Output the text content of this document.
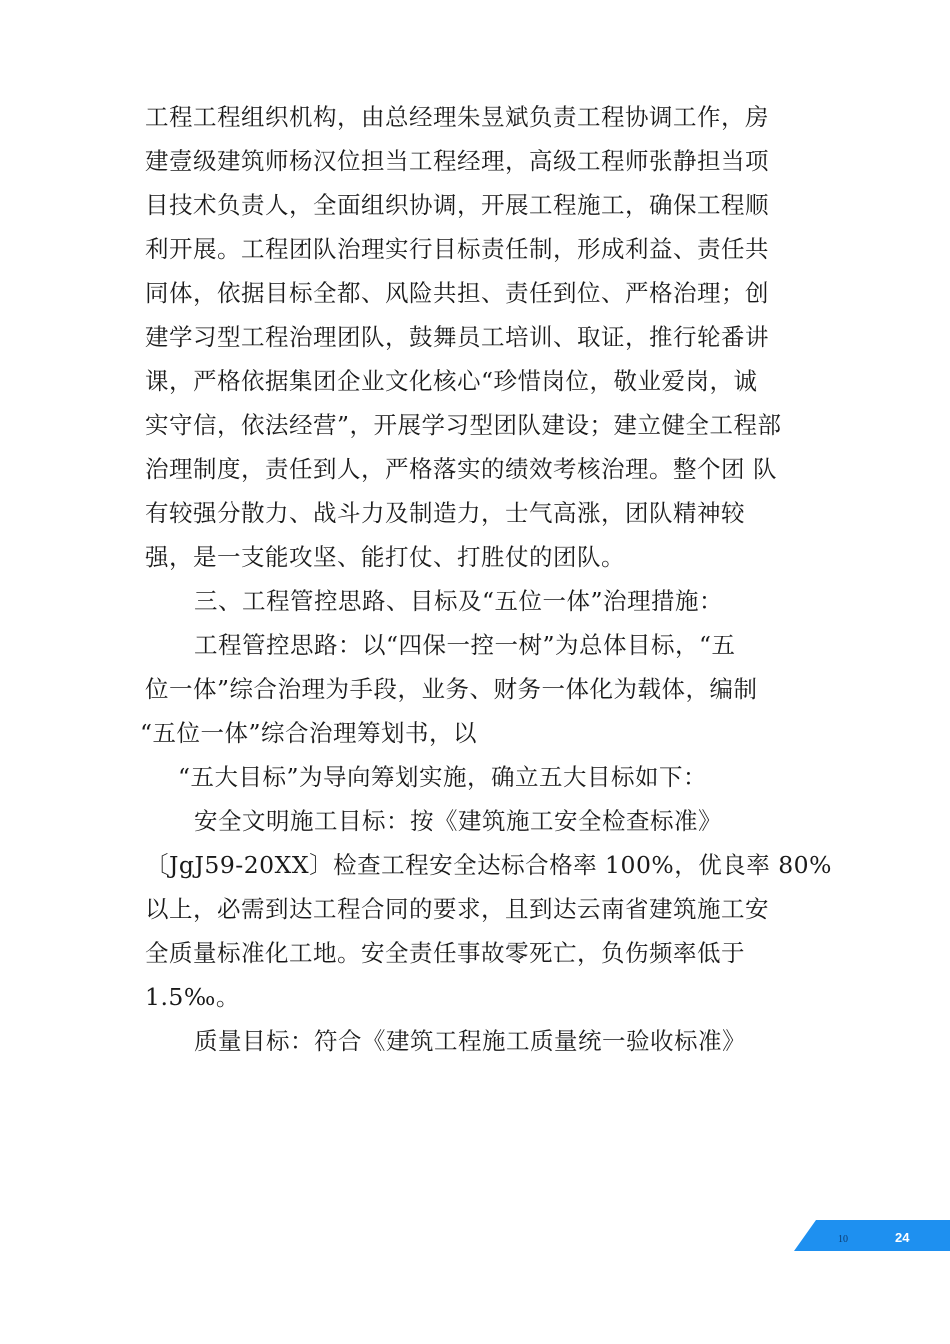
工程工程组织机构，由总经理朱昱斌负责工程协调工作，房
建壹级建筑师杨汉位担当工程经理，高级工程师张静担当项
目技术负责人，全面组织协调，开展工程施工，确保工程顺
利开展。工程团队治理实行目标责任制，形成利益、责任共
同体，依据目标全都、风险共担、责任到位、严格治理；创
建学习型工程治理团队，鼓舞员工培训、取证，推行轮番讲
课，严格依据集团企业文化核心“珍惜岗位，敬业爱岗，诚
实守信，依法经营”，开展学习型团队建设；建立健全工程部
治理制度，责任到人，严格落实的绩效考核治理。整个团 队
有较强分散力、战斗力及制造力，士气高涨，团队精神较
强，是一支能攻坚、能打仗、打胜仗的团队。
三、工程管控思路、目标及“五位一体”治理措施：
工程管控思路：以“四保一控一树”为总体目标，“五
位一体”综合治理为手段，业务、财务一体化为载体，编制
“五位一体”综合治理筹划书，以
“五大目标”为导向筹划实施，确立五大目标如下：
安全文明施工目标：按《建筑施工安全检查标准》
〔JgJ59-20XX〕检查工程安全达标合格率 100%，优良率 80%
以上，必需到达工程合同的要求，且到达云南省建筑施工安
全质量标准化工地。安全责任事故零死亡，负伤频率低于
1.5‰。
质量目标：符合《建筑工程施工质量统一验收标准》
10	24
